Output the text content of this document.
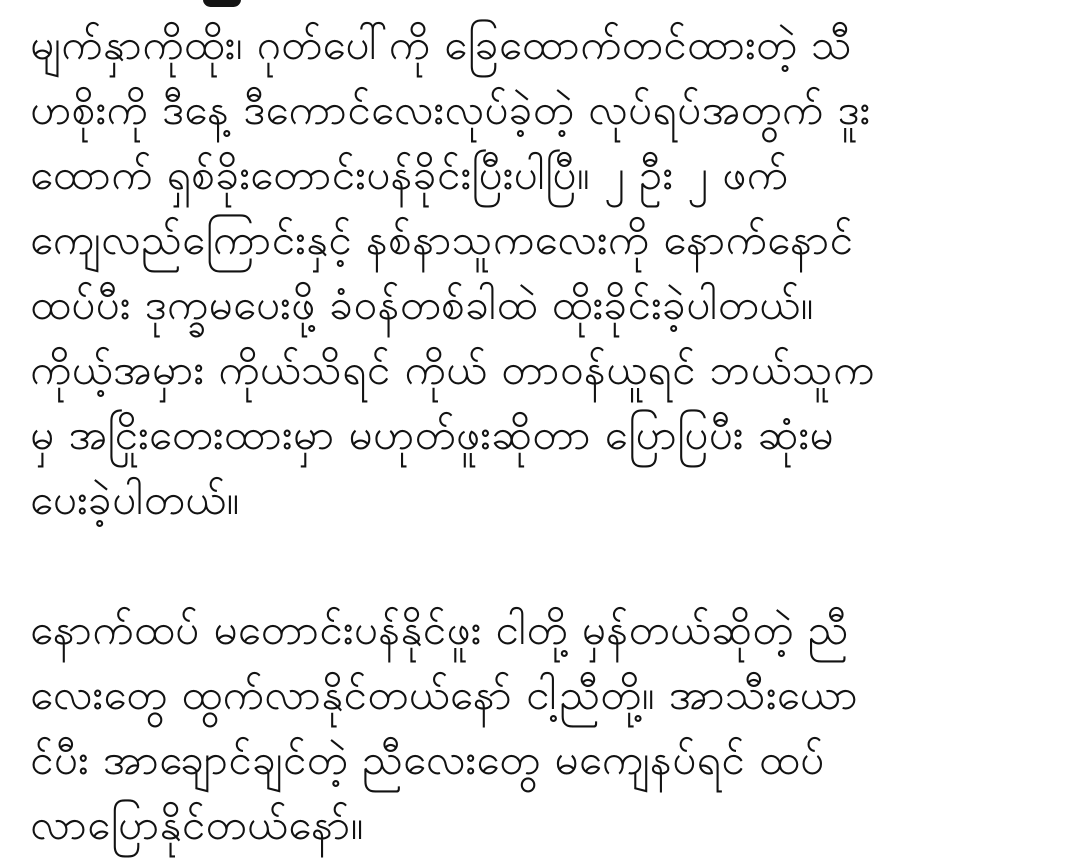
မျက်နှာကိုထိုး၊ ဂုတ်ပေါ်ကို ခြေထောက်တင်ထားတဲ့ သီ
ဟစိုးကို ဒီနေ့ ဒီကောင်လေးလုပ်ခဲ့တဲ့ လုပ်ရပ်အတွက် ဒူး
ထောက် ရှစ်ခိုးတောင်းပန်ခိုင်းပြီးပါပြီ။ ၂ ဦး ၂ ဖက်
ကျေလည်ကြောင်းနှင့် နစ်နာသူကလေးကို နောက်နောင်
ထပ်ပီး ဒုက္ခမပေးဖို့ ခံဝန်တစ်ခါထဲ ထိုးခိုင်းခဲ့ပါတယ်။
ကိုယ့်အမှား ကိုယ်သိရင် ကိုယ် တာဝန်ယူရင် ဘယ်သူက
မှ အငြိုးတေးထားမှာ မဟုတ်ဖူးဆိုတာ ပြောပြပီး ဆုံးမ
ပေးခဲ့ပါတယ်။
နောက်ထပ် မတောင်းပန်နိုင်ဖူး ငါတို့ မှန်တယ်ဆိုတဲ့ ညီ
လေးတွေ ထွက်လာနိုင်တယ်နော် ငါ့ညီတို့။ အာသီးယော
င်ပီး အာချောင်ချင်တဲ့ ညီလေးတွေ မကျေနပ်ရင် ထပ်
လာပြောနိုင်တယ်နော်။
